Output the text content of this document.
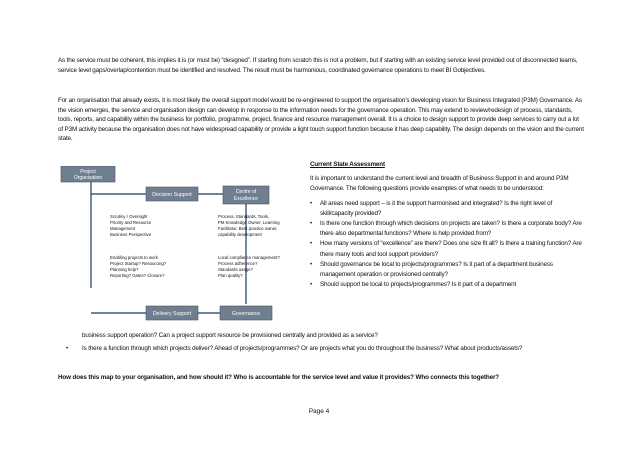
As the service must be coherent, this implies it is (or must be) “designed”. If starting from scratch this is not a problem, but if starting with an existing service level provided out of disconnected teams, service level gaps/overlap/contention must be identified and resolved. The result must be harmonious, coordinated governance operations to meet BI Gobjectives.
For an organisation that already exists, it is most likely the overall support model would be re-engineered to support the organisation’s developing vision for Business Integrated (P3M) Governance. As the vision emerges, the service and organisation design can develop in response to the information needs for the governance operation. This may extend to review/redesign of process, standards, tools, reports, and capability within the business for portfolio, programme, project, finance and resource management overall. It is a choice to design support to provide deep services to carry out a lot of P3M activity because the organisation does not have widespread capability or provide a light touch support function because it has deep capability. The design depends on the vision and the current state.
Project
Organisation
Decision Support	Centre of
Excellence
Delivery Support	Governance
Scrutiny / Oversight
Priority and Resource
Management
Business Perspective
Process, Standards, Tools,
PM Knowledge Owner, Learning
Facilitator, Best practice owner,
capability development
Enabling projects to work
Project Startup? Resourcing?
Planning help?
Reporting? Gates? Closure?
Local compliance management?
Process adherence?
Standards usage?
Plan quality?
Current State Assessment
It is important to understand the current level and breadth of Business Support in and around P3M Governance. The following questions provide examples of what needs to be understood:
• All areas need support – is it the support harmonised and integrated? Is the right level of skill/capacity provided?
• Is there one function through which decisions on projects are taken? Is there a corporate body? Are there also departmental functions? Where is help provided from?
• How many versions of “excellence” are there? Does one size fit all? Is there a training function? Are there many tools and tool support providers?
• Should governance be local to projects/programmes? Is it part of a department business management operation or provisioned centrally?
• Should support be local to projects/programmes? Is it part of a department
business support operation? Can a project support resource be provisioned centrally and provided as a service?
• Is there a function through which projects deliver? Ahead of projects/programmes? Or are projects what you do throughout the business? What about products/assets?
How does this map to your organisation, and how should it? Who is accountable for the service level and value it provides? Who connects this together?
Page 4
